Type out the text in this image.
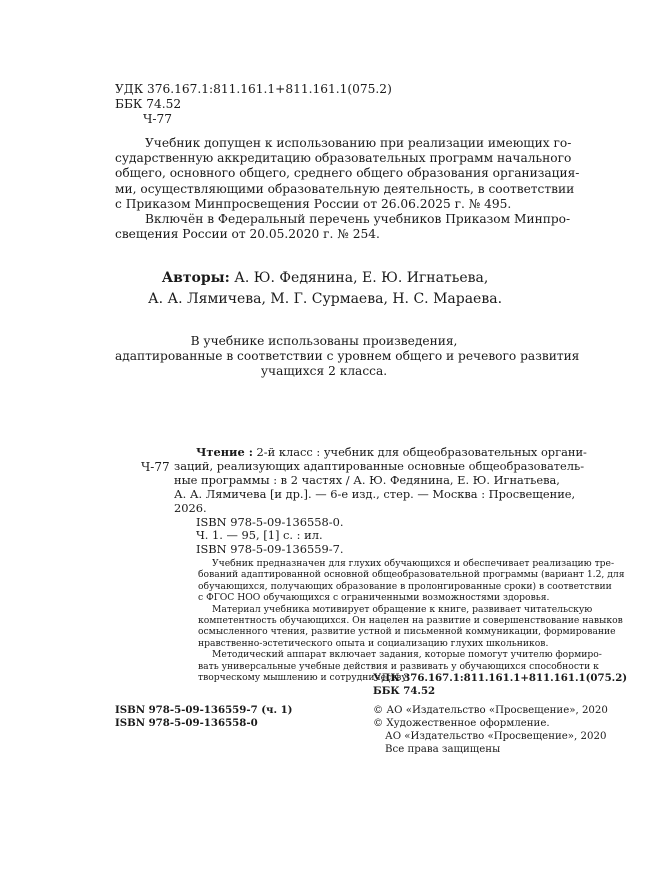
УДК 376.167.1:811.161.1+811.161.1(075.2)
ББК 74.52
Ч-77
Учебник допущен к использованию при реализации имеющих го-
сударственную аккредитацию образовательных программ начального
общего, основного общего, среднего общего образования организация-
ми, осуществляющими образовательную деятельность, в соответствии
с Приказом Минпросвещения России от 26.06.2025 г. № 495.
Включён в Федеральный перечень учебников Приказом Минпро-
свещения России от 20.05.2020 г. № 254.
Авторы: А. Ю. Федянина, Е. Ю. Игнатьева,
А. А. Лямичева, М. Г. Сурмаева, Н. С. Мараева.
В учебнике использованы произведения,
адаптированные в соответствии с уровнем общего и речевого развития
учащихся 2 класса.
Ч-77
Чтение : 2-й класс : учебник для общеобразовательных органи-
заций, реализующих адаптированные основные общеобразователь-
ные программы : в 2 частях / А. Ю. Федянина, Е. Ю. Игнатьева,
А. А. Лямичева [и др.]. — 6-е изд., стер. — Москва : Просвещение,
2026.
ISBN 978-5-09-136558-0.
Ч. 1. — 95, [1] с. : ил.
ISBN 978-5-09-136559-7.
Учебник предназначен для глухих обучающихся и обеспечивает реализацию тре-
бований адаптированной основной общеобразовательной программы (вариант 1.2, для
обучающихся, получающих образование в пролонгированные сроки) в соответствии
с ФГОС НОО обучающихся с ограниченными возможностями здоровья.
Материал учебника мотивирует обращение к книге, развивает читательскую
компетентность обучающихся. Он нацелен на развитие и совершенствование навыков
осмысленного чтения, развитие устной и письменной коммуникации, формирование
нравственно-эстетического опыта и социализацию глухих школьников.
Методический аппарат включает задания, которые помогут учителю формиро-
вать универсальные учебные действия и развивать у обучающихся способности к
творческому мышлению и сотрудничеству.
УДК 376.167.1:811.161.1+811.161.1(075.2)
ББК 74.52
ISBN 978-5-09-136559-7 (ч. 1)
ISBN 978-5-09-136558-0
© АО «Издательство «Просвещение», 2020
© Художественное оформление.
АО «Издательство «Просвещение», 2020
Все права защищены
